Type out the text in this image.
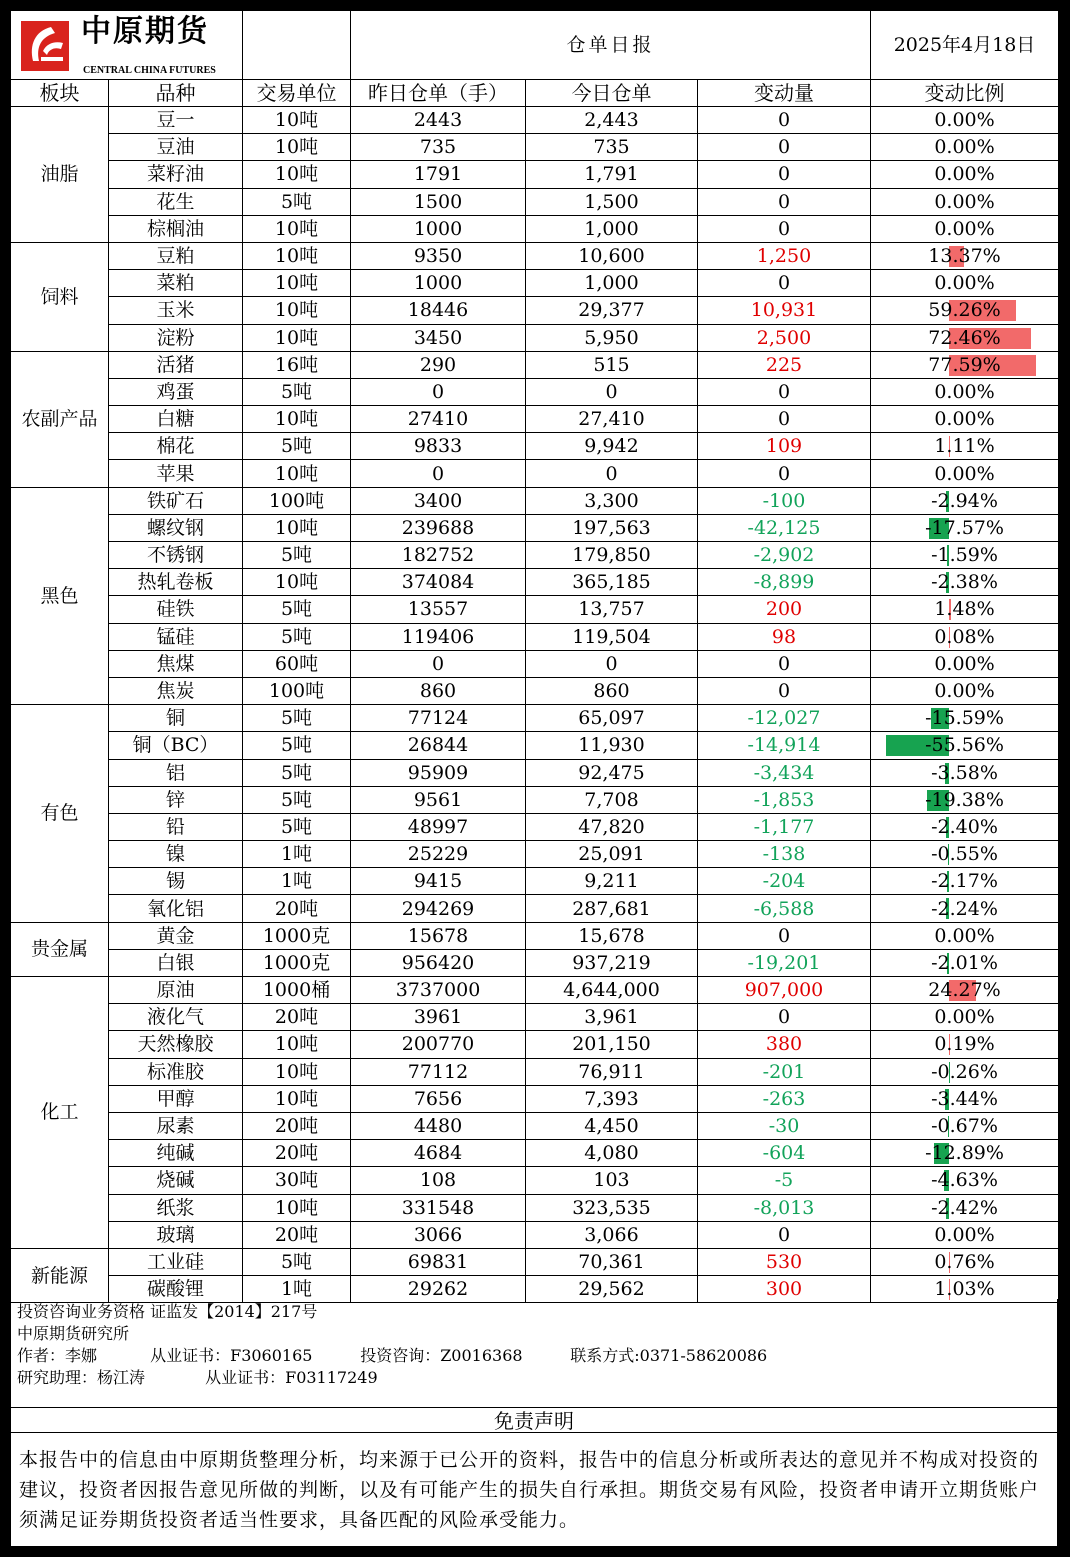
中原期货
CENTRAL CHINA FUTURES			仓单日报			2025年4月18日
板块	品种	交易单位	昨日仓单（手）	今日仓单	变动量	变动比例
油脂	豆一	10吨	2443	2,443	0	0.00%
	豆油	10吨	735	735	0	0.00%
	菜籽油	10吨	1791	1,791	0	0.00%
	花生	5吨	1500	1,500	0	0.00%
	棕榈油	10吨	1000	1,000	0	0.00%
饲料	豆粕	10吨	9350	10,600	1,250	13.37%
	菜粕	10吨	1000	1,000	0	0.00%
	玉米	10吨	18446	29,377	10,931	59.26%
	淀粉	10吨	3450	5,950	2,500	72.46%
农副产品	活猪	16吨	290	515	225	77.59%
	鸡蛋	5吨	0	0	0	0.00%
	白糖	10吨	27410	27,410	0	0.00%
	棉花	5吨	9833	9,942	109	1.11%
	苹果	10吨	0	0	0	0.00%
黑色	铁矿石	100吨	3400	3,300	-100	-2.94%
	螺纹钢	10吨	239688	197,563	-42,125	-17.57%
	不锈钢	5吨	182752	179,850	-2,902	-1.59%
	热轧卷板	10吨	374084	365,185	-8,899	-2.38%
	硅铁	5吨	13557	13,757	200	1.48%
	锰硅	5吨	119406	119,504	98	0.08%
	焦煤	60吨	0	0	0	0.00%
	焦炭	100吨	860	860	0	0.00%
有色	铜	5吨	77124	65,097	-12,027	-15.59%
	铜（BC）	5吨	26844	11,930	-14,914	-55.56%
	铝	5吨	95909	92,475	-3,434	-3.58%
	锌	5吨	9561	7,708	-1,853	-19.38%
	铅	5吨	48997	47,820	-1,177	-2.40%
	镍	1吨	25229	25,091	-138	-0.55%
	锡	1吨	9415	9,211	-204	-2.17%
	氧化铝	20吨	294269	287,681	-6,588	-2.24%
贵金属	黄金	1000克	15678	15,678	0	0.00%
	白银	1000克	956420	937,219	-19,201	-2.01%
化工	原油	1000桶	3737000	4,644,000	907,000	24.27%
	液化气	20吨	3961	3,961	0	0.00%
	天然橡胶	10吨	200770	201,150	380	0.19%
	标准胶	10吨	77112	76,911	-201	-0.26%
	甲醇	10吨	7656	7,393	-263	-3.44%
	尿素	20吨	4480	4,450	-30	-0.67%
	纯碱	20吨	4684	4,080	-604	-12.89%
	烧碱	30吨	108	103	-5	-4.63%
	纸浆	10吨	331548	323,535	-8,013	-2.42%
	玻璃	20吨	3066	3,066	0	0.00%
新能源	工业硅	5吨	69831	70,361	530	0.76%
	碳酸锂	1吨	29262	29,562	300	1.03%
投资咨询业务资格 证监发【2014】217号
中原期货研究所
作者：李娜	从业证书：F3060165	投资咨询：Z0016368	联系方式:0371-58620086
研究助理：杨江涛	从业证书：F03117249
免责声明
本报告中的信息由中原期货整理分析，均来源于已公开的资料，报告中的信息分析或所表达的意见并不构成对投资的建议，投资者因报告意见所做的判断，以及有可能产生的损失自行承担。期货交易有风险，投资者申请开立期货账户须满足证券期货投资者适当性要求，具备匹配的风险承受能力。
